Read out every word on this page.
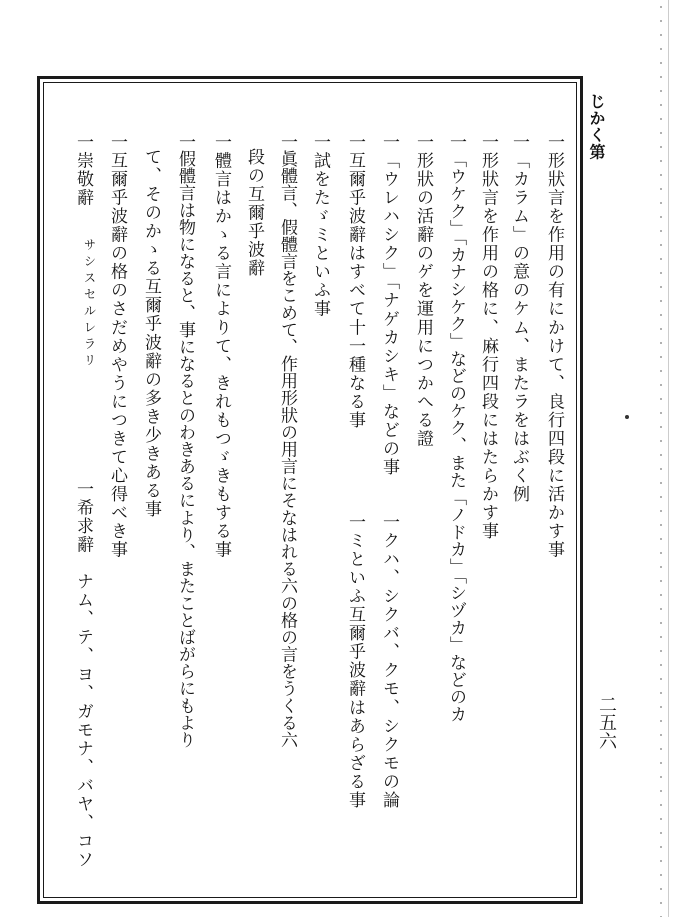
じかく第
二五六
一形狀言を作用の有にかけて、良行四段に活かす事
一「カラム」の意のケム、またラをはぶく例
一形狀言を作用の格に、麻行四段にはたらかす事
一「ウケク」「カナシケク」などのケク、また「ノドカ」「シヅカ」などのカ
一形狀の活辭のゲを運用につかへる證
一「ウレハシク」「ナゲカシキ」などの事
一クハ、シクバ、クモ、シクモの論
一互爾乎波辭はすべて十一種なる事
一ミといふ互爾乎波辭はあらざる事
一試をたゞミといふ事
一眞體言、假體言をこめて、作用形狀の用言にそなはれる六の格の言をうくる六
段の互爾乎波辭
一體言はかゝる言によりて、きれもつゞきもする事
一假體言は物になると、事になるとのわきあるにより、またことばがらにもより
て、そのかゝる互爾乎波辭の多き少きある事
一互爾乎波辭の格のさだめやうにつきて心得べき事
一崇敬辭
サシスセルレラリ
一希求辭　ナム、テ、ヨ、ガモナ、バヤ、コソ
